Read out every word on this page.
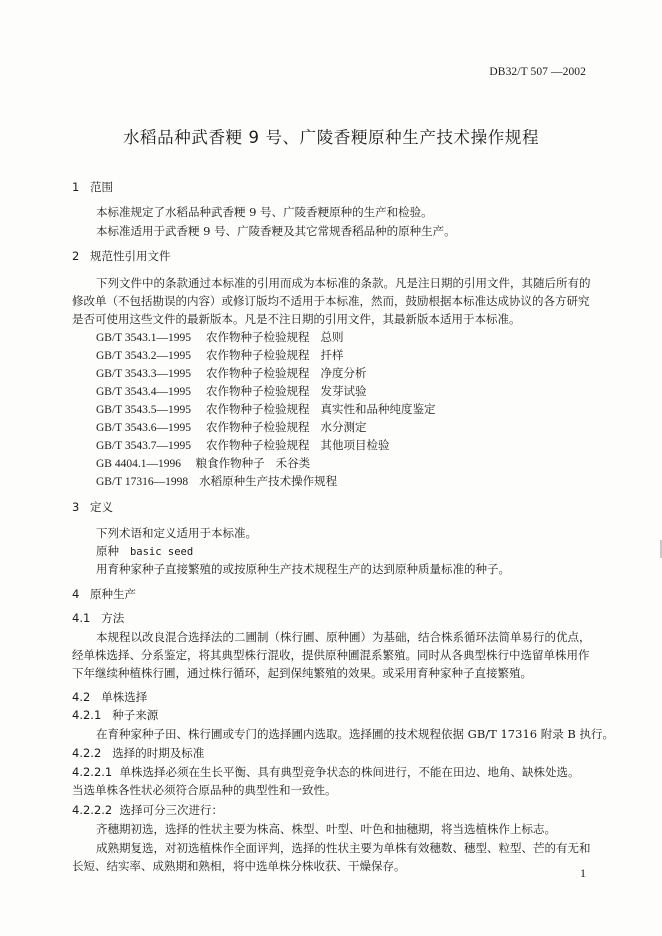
DB32/T 507 —2002
水稻品种武香粳 9 号、广陵香粳原种生产技术操作规程
1 范围
本标准规定了水稻品种武香粳 9 号、广陵香粳原种的生产和检验。
本标准适用于武香粳 9 号、广陵香粳及其它常规香稻品种的原种生产。
2 规范性引用文件
下列文件中的条款通过本标准的引用而成为本标准的条款。凡是注日期的引用文件，其随后所有的
修改单（不包括勘误的内容）或修订版均不适用于本标准，然而，鼓励根据本标准达成协议的各方研究
是否可使用这些文件的最新版本。凡是不注日期的引用文件，其最新版本适用于本标准。
GB/T 3543.1—1995 农作物种子检验规程 总则
GB/T 3543.2—1995 农作物种子检验规程 扦样
GB/T 3543.3—1995 农作物种子检验规程 净度分析
GB/T 3543.4—1995 农作物种子检验规程 发芽试验
GB/T 3543.5—1995 农作物种子检验规程 真实性和品种纯度鉴定
GB/T 3543.6—1995 农作物种子检验规程 水分测定
GB/T 3543.7—1995 农作物种子检验规程 其他项目检验
GB 4404.1—1996 粮食作物种子 禾谷类
GB/T 17316—1998 水稻原种生产技术操作规程
3 定义
下列术语和定义适用于本标准。
原种 basic seed
用育种家种子直接繁殖的或按原种生产技术规程生产的达到原种质量标准的种子。
4 原种生产
4.1 方法
本规程以改良混合选择法的二圃制（株行圃、原种圃）为基础，结合株系循环法简单易行的优点，
经单株选择、分系鉴定，将其典型株行混收，提供原种圃混系繁殖。同时从各典型株行中选留单株用作
下年继续种植株行圃，通过株行循环，起到保纯繁殖的效果。或采用育种家种子直接繁殖。
4.2 单株选择
4.2.1 种子来源
在育种家种子田、株行圃或专门的选择圃内选取。选择圃的技术规程依据 GB/T 17316 附录 B 执行。
4.2.2 选择的时期及标准
4.2.2.1 单株选择必须在生长平衡、具有典型竞争状态的株间进行，不能在田边、地角、缺株处选。
当选单株各性状必须符合原品种的典型性和一致性。
4.2.2.2 选择可分三次进行：
齐穗期初选，选择的性状主要为株高、株型、叶型、叶色和抽穗期，将当选植株作上标志。
成熟期复选，对初选植株作全面评判，选择的性状主要为单株有效穗数、穗型、粒型、芒的有无和
长短、结实率、成熟期和熟相，将中选单株分株收获、干燥保存。	1
